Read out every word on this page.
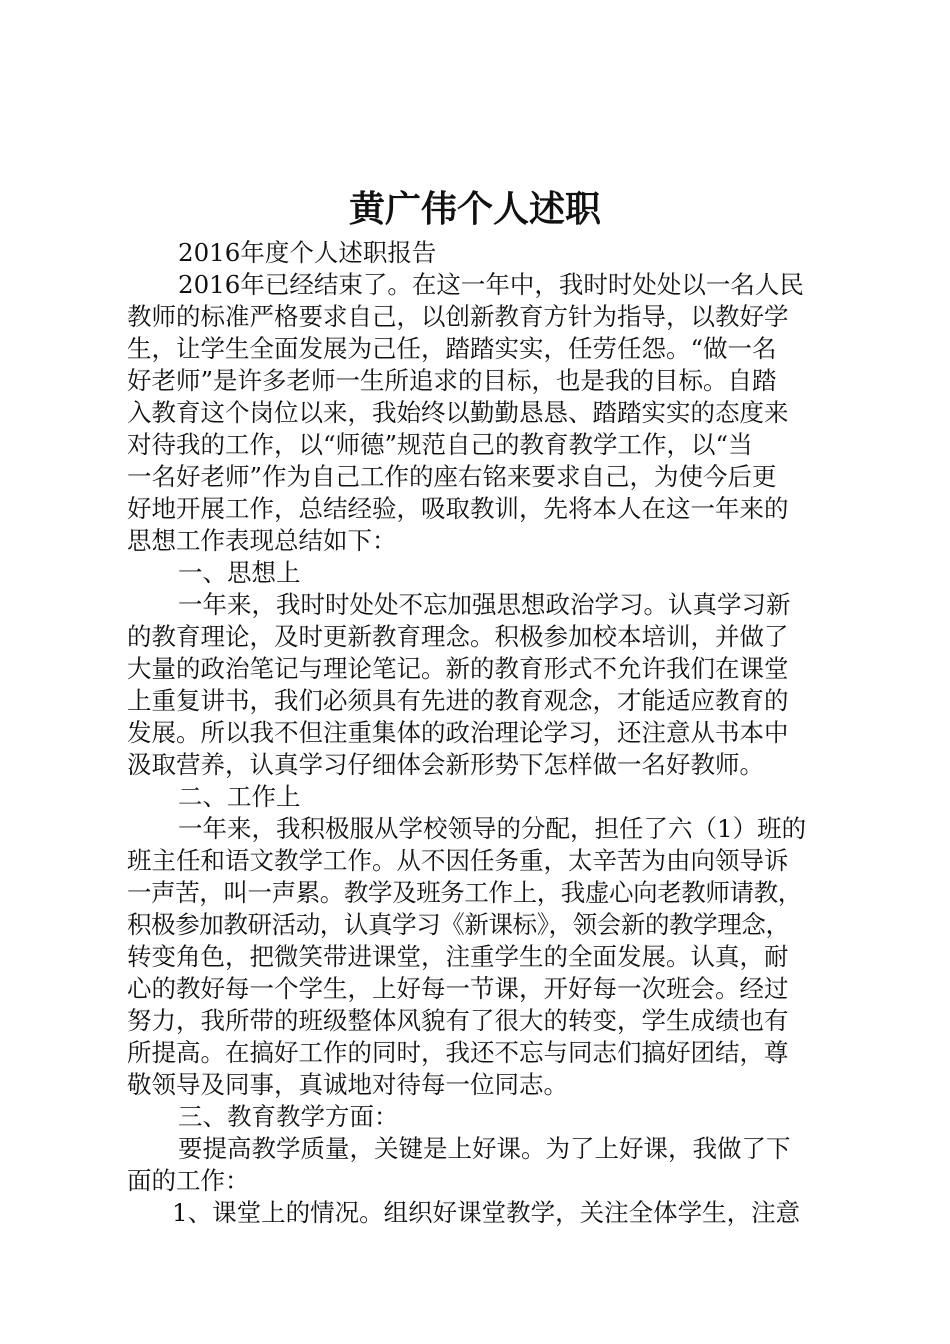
黄广伟个人述职
2016年度个人述职报告
2016年已经结束了。在这一年中，我时时处处以一名人民
教师的标准严格要求自己，以创新教育方针为指导，以教好学
生，让学生全面发展为己任，踏踏实实，任劳任怨。“做一名
好老师”是许多老师一生所追求的目标，也是我的目标。自踏
入教育这个岗位以来，我始终以勤勤恳恳、踏踏实实的态度来
对待我的工作，以“师德”规范自己的教育教学工作，以“当
一名好老师”作为自己工作的座右铭来要求自己，为使今后更
好地开展工作，总结经验，吸取教训，先将本人在这一年来的
思想工作表现总结如下：
一、思想上
一年来，我时时处处不忘加强思想政治学习。认真学习新
的教育理论，及时更新教育理念。积极参加校本培训，并做了
大量的政治笔记与理论笔记。新的教育形式不允许我们在课堂
上重复讲书，我们必须具有先进的教育观念，才能适应教育的
发展。所以我不但注重集体的政治理论学习，还注意从书本中
汲取营养，认真学习仔细体会新形势下怎样做一名好教师。
二、工作上
一年来，我积极服从学校领导的分配，担任了六（1）班的
班主任和语文教学工作。从不因任务重，太辛苦为由向领导诉
一声苦，叫一声累。教学及班务工作上，我虚心向老教师请教，
积极参加教研活动，认真学习《新课标》，领会新的教学理念，
转变角色，把微笑带进课堂，注重学生的全面发展。认真，耐
心的教好每一个学生，上好每一节课，开好每一次班会。经过
努力，我所带的班级整体风貌有了很大的转变，学生成绩也有
所提高。在搞好工作的同时，我还不忘与同志们搞好团结，尊
敬领导及同事，真诚地对待每一位同志。
三、教育教学方面：
要提高教学质量，关键是上好课。为了上好课，我做了下
面的工作：
1、课堂上的情况。组织好课堂教学，关注全体学生，注意
